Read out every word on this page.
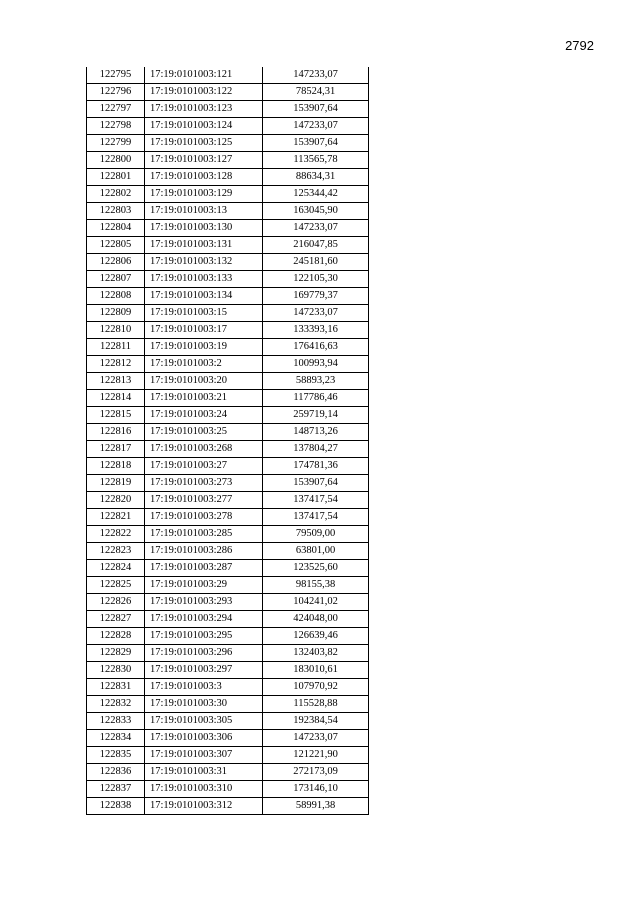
2792
122795	17:19:0101003:121	147233,07
122796	17:19:0101003:122	78524,31
122797	17:19:0101003:123	153907,64
122798	17:19:0101003:124	147233,07
122799	17:19:0101003:125	153907,64
122800	17:19:0101003:127	113565,78
122801	17:19:0101003:128	88634,31
122802	17:19:0101003:129	125344,42
122803	17:19:0101003:13	163045,90
122804	17:19:0101003:130	147233,07
122805	17:19:0101003:131	216047,85
122806	17:19:0101003:132	245181,60
122807	17:19:0101003:133	122105,30
122808	17:19:0101003:134	169779,37
122809	17:19:0101003:15	147233,07
122810	17:19:0101003:17	133393,16
122811	17:19:0101003:19	176416,63
122812	17:19:0101003:2	100993,94
122813	17:19:0101003:20	58893,23
122814	17:19:0101003:21	117786,46
122815	17:19:0101003:24	259719,14
122816	17:19:0101003:25	148713,26
122817	17:19:0101003:268	137804,27
122818	17:19:0101003:27	174781,36
122819	17:19:0101003:273	153907,64
122820	17:19:0101003:277	137417,54
122821	17:19:0101003:278	137417,54
122822	17:19:0101003:285	79509,00
122823	17:19:0101003:286	63801,00
122824	17:19:0101003:287	123525,60
122825	17:19:0101003:29	98155,38
122826	17:19:0101003:293	104241,02
122827	17:19:0101003:294	424048,00
122828	17:19:0101003:295	126639,46
122829	17:19:0101003:296	132403,82
122830	17:19:0101003:297	183010,61
122831	17:19:0101003:3	107970,92
122832	17:19:0101003:30	115528,88
122833	17:19:0101003:305	192384,54
122834	17:19:0101003:306	147233,07
122835	17:19:0101003:307	121221,90
122836	17:19:0101003:31	272173,09
122837	17:19:0101003:310	173146,10
122838	17:19:0101003:312	58991,38
